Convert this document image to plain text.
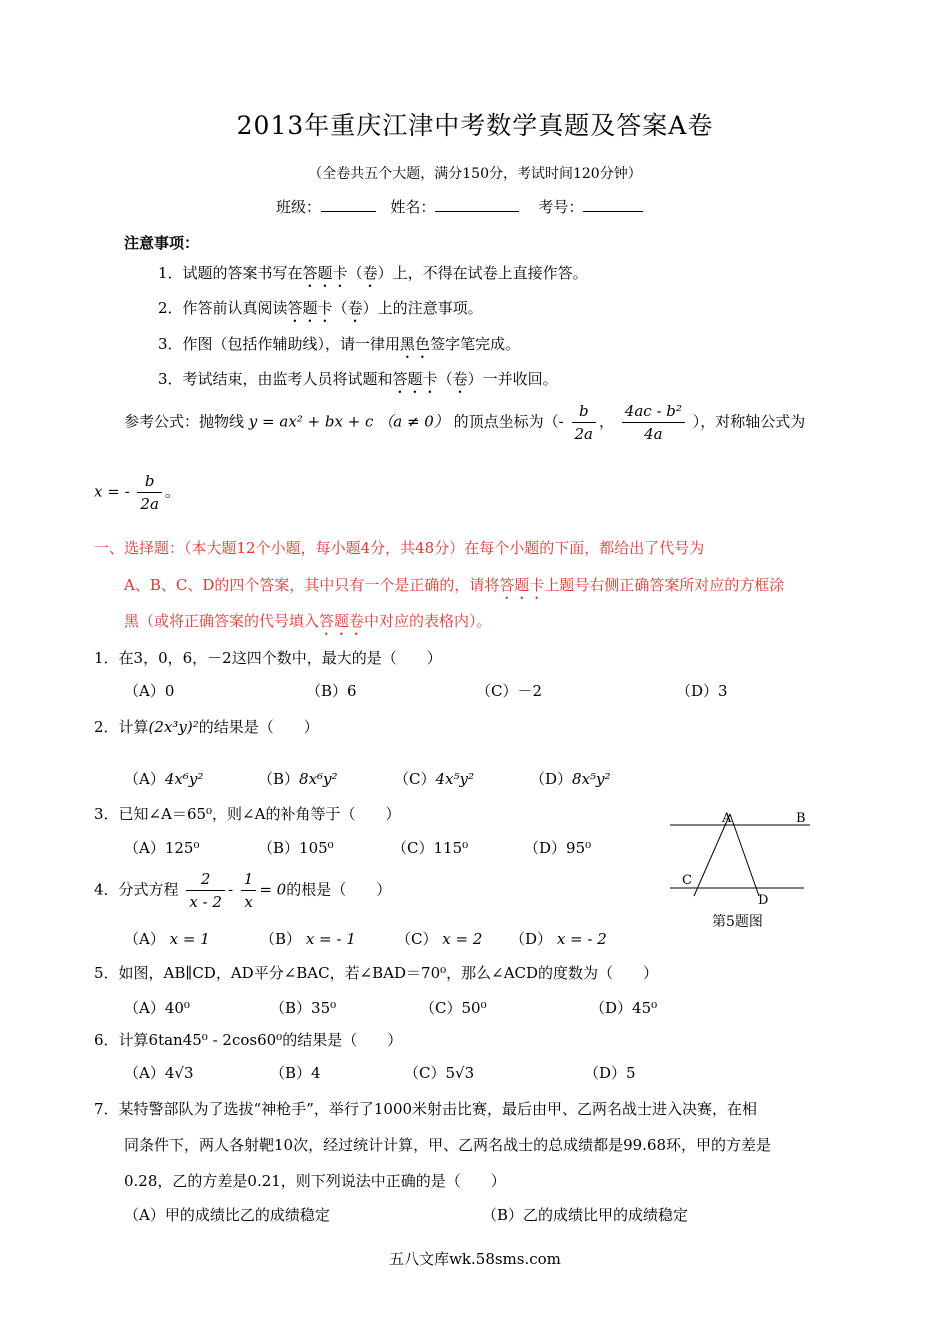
2013年重庆江津中考数学真题及答案A卷
（全卷共五个大题，满分150分，考试时间120分钟）
班级：	姓名：	考号：
注意事项：
1．试题的答案书写在答题卡（卷）上，不得在试卷上直接作答。
2．作答前认真阅读答题卡（卷）上的注意事项。
3．作图（包括作辅助线），请一律用黑色签字笔完成。
3．考试结束，由监考人员将试题和答题卡（卷）一并收回。
参考公式：抛物线 y = ax² + bx + c （a ≠ 0） 的顶点坐标为（- $\frac{b}{2a}$ ， $\frac{\text{4ac - b²}}{4a}$ ），对称轴公式为
x = - $\frac{b}{2a}$ 。
一、选择题：（本大题12个小题，每小题4分，共48分）在每个小题的下面，都给出了代号为
A、B、C、D的四个答案，其中只有一个是正确的，请将答题卡上题号右侧正确答案所对应的方框涂
黑（或将正确答案的代号填入答题卷中对应的表格内）。
1．在3，0，6，－2这四个数中，最大的是（　　）
（A）0	（B）6	（C）－2	（D）3
2．计算(2x³y)²的结果是（　　）
（A）4x⁶y²	（B）8x⁶y²	（C）4x⁵y²	（D）8x⁵y²
3．已知∠A＝65⁰，则∠A的补角等于（　　）
（A）125⁰	（B）105⁰	（C）115⁰	（D）95⁰
A	B
C
D
第5题图
4．分式方程 $\frac{2}{x - 2} - \frac{1}{x} = 0$的根是（　　）
（A） x = 1	（B） x = - 1	（C） x = 2 （D） x = - 2
5．如图，AB∥CD，AD平分∠BAC，若∠BAD＝70⁰，那么∠ACD的度数为（　　）
（A）40⁰	（B）35⁰	（C）50⁰	（D）45⁰
6．计算6tan45⁰ - 2cos60⁰的结果是（　　）
（A）4√3	（B）4	（C）5√3	（D）5
7．某特警部队为了选拔“神枪手”，举行了1000米射击比赛，最后由甲、乙两名战士进入决赛，在相
同条件下，两人各射靶10次，经过统计计算，甲、乙两名战士的总成绩都是99.68环，甲的方差是
0.28，乙的方差是0.21，则下列说法中正确的是（　　）
（A）甲的成绩比乙的成绩稳定	（B）乙的成绩比甲的成绩稳定
五八文库wk.58sms.com
